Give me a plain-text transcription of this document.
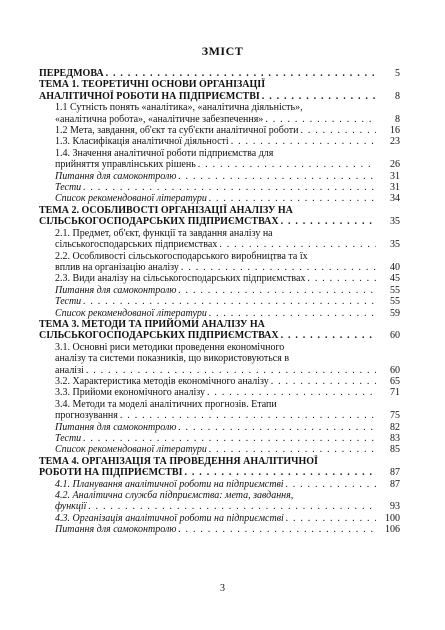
ЗМІСТ
ПЕРЕДМОВА . . .	5
ТЕМА 1. ТЕОРЕТИЧНІ ОСНОВИ ОРГАНІЗАЦІЇ
АНАЛІТИЧНОЇ РОБОТИ НА ПІДПРИЄМСТВІ . . .	8
1.1 Сутність понять «аналітика», «аналітична діяльність»,
«аналітична робота», «аналітичне забезпечення» . . .	8
1.2 Мета, завдання, об'єкт та суб'єкти аналітичної роботи . . .	16
1.3. Класифікація аналітичної діяльності . . .	23
1.4. Значення аналітичної роботи підприємства для
прийняття управлінських рішень . . .	26
Питання для самоконтролю . . .	31
Тести . . .	31
Список рекомендованої літератури . . .	34
ТЕМА 2. ОСОБЛИВОСТІ ОРГАНІЗАЦІЇ АНАЛІЗУ НА
СІЛЬСЬКОГОСПОДАРСЬКИХ ПІДПРИЄМСТВАХ . . .	35
2.1. Предмет, об'єкт, функції та завдання аналізу на
сільськогосподарських підприємствах . . .	35
2.2. Особливості сільськогосподарського виробництва та їх
вплив на організацію аналізу . . .	40
2.3. Види аналізу на сільськогосподарських підприємствах . . .	45
Питання для самоконтролю . . .	55
Тести . . .	55
Список рекомендованої літератури . . .	59
ТЕМА 3. МЕТОДИ ТА ПРИЙОМИ АНАЛІЗУ НА
СІЛЬСЬКОГОСПОДАРСЬКИХ ПІДПРИЄМСТВАХ . . .	60
3.1. Основні риси методики проведення економічного
аналізу та системи показників, що використовуються в
аналізі . . .	60
3.2. Характеристика методів економічного аналізу . . .	65
3.3. Прийоми економічного аналізу . . .	71
3.4. Методи та моделі аналітичних прогнозів. Етапи
прогнозування . . .	75
Питання для самоконтролю . . .	82
Тести . . .	83
Список рекомендованої літератури . . .	85
ТЕМА 4. ОРГАНІЗАЦІЯ ТА ПРОВЕДЕННЯ АНАЛІТИЧНОЇ
РОБОТИ НА ПІДПРИЄМСТВІ . . .	87
4.1. Планування аналітичної роботи на підприємстві . . .	87
4.2. Аналітична служба підприємства: мета, завдання,
функції . . .	93
4.3. Організація аналітичної роботи на підприємстві . . .	100
Питання для самоконтролю . . .	106
3
